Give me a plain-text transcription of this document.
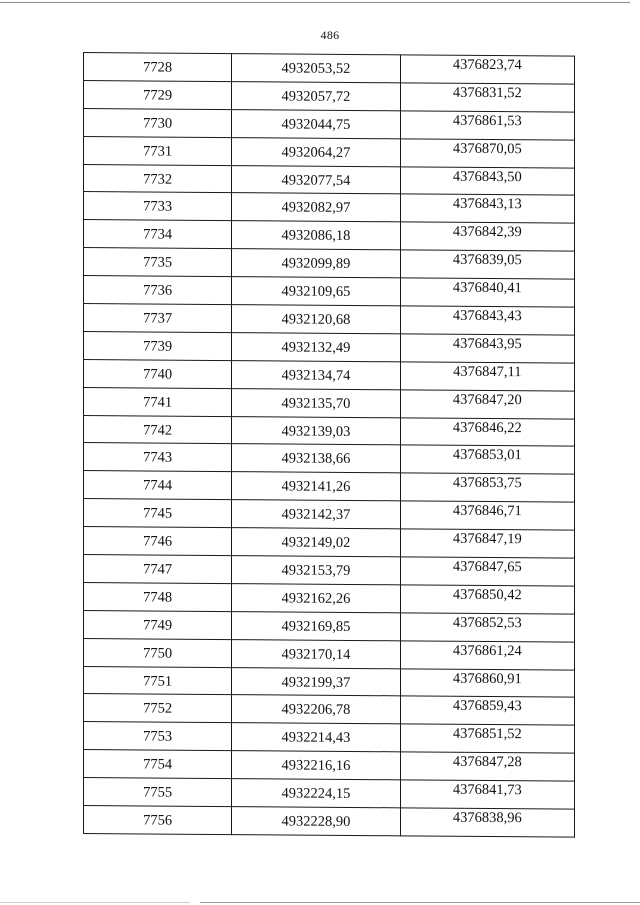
486
7728	4932053,52	4376823,74
7729	4932057,72	4376831,52
7730	4932044,75	4376861,53
7731	4932064,27	4376870,05
7732	4932077,54	4376843,50
7733	4932082,97	4376843,13
7734	4932086,18	4376842,39
7735	4932099,89	4376839,05
7736	4932109,65	4376840,41
7737	4932120,68	4376843,43
7739	4932132,49	4376843,95
7740	4932134,74	4376847,11
7741	4932135,70	4376847,20
7742	4932139,03	4376846,22
7743	4932138,66	4376853,01
7744	4932141,26	4376853,75
7745	4932142,37	4376846,71
7746	4932149,02	4376847,19
7747	4932153,79	4376847,65
7748	4932162,26	4376850,42
7749	4932169,85	4376852,53
7750	4932170,14	4376861,24
7751	4932199,37	4376860,91
7752	4932206,78	4376859,43
7753	4932214,43	4376851,52
7754	4932216,16	4376847,28
7755	4932224,15	4376841,73
7756	4932228,90	4376838,96
